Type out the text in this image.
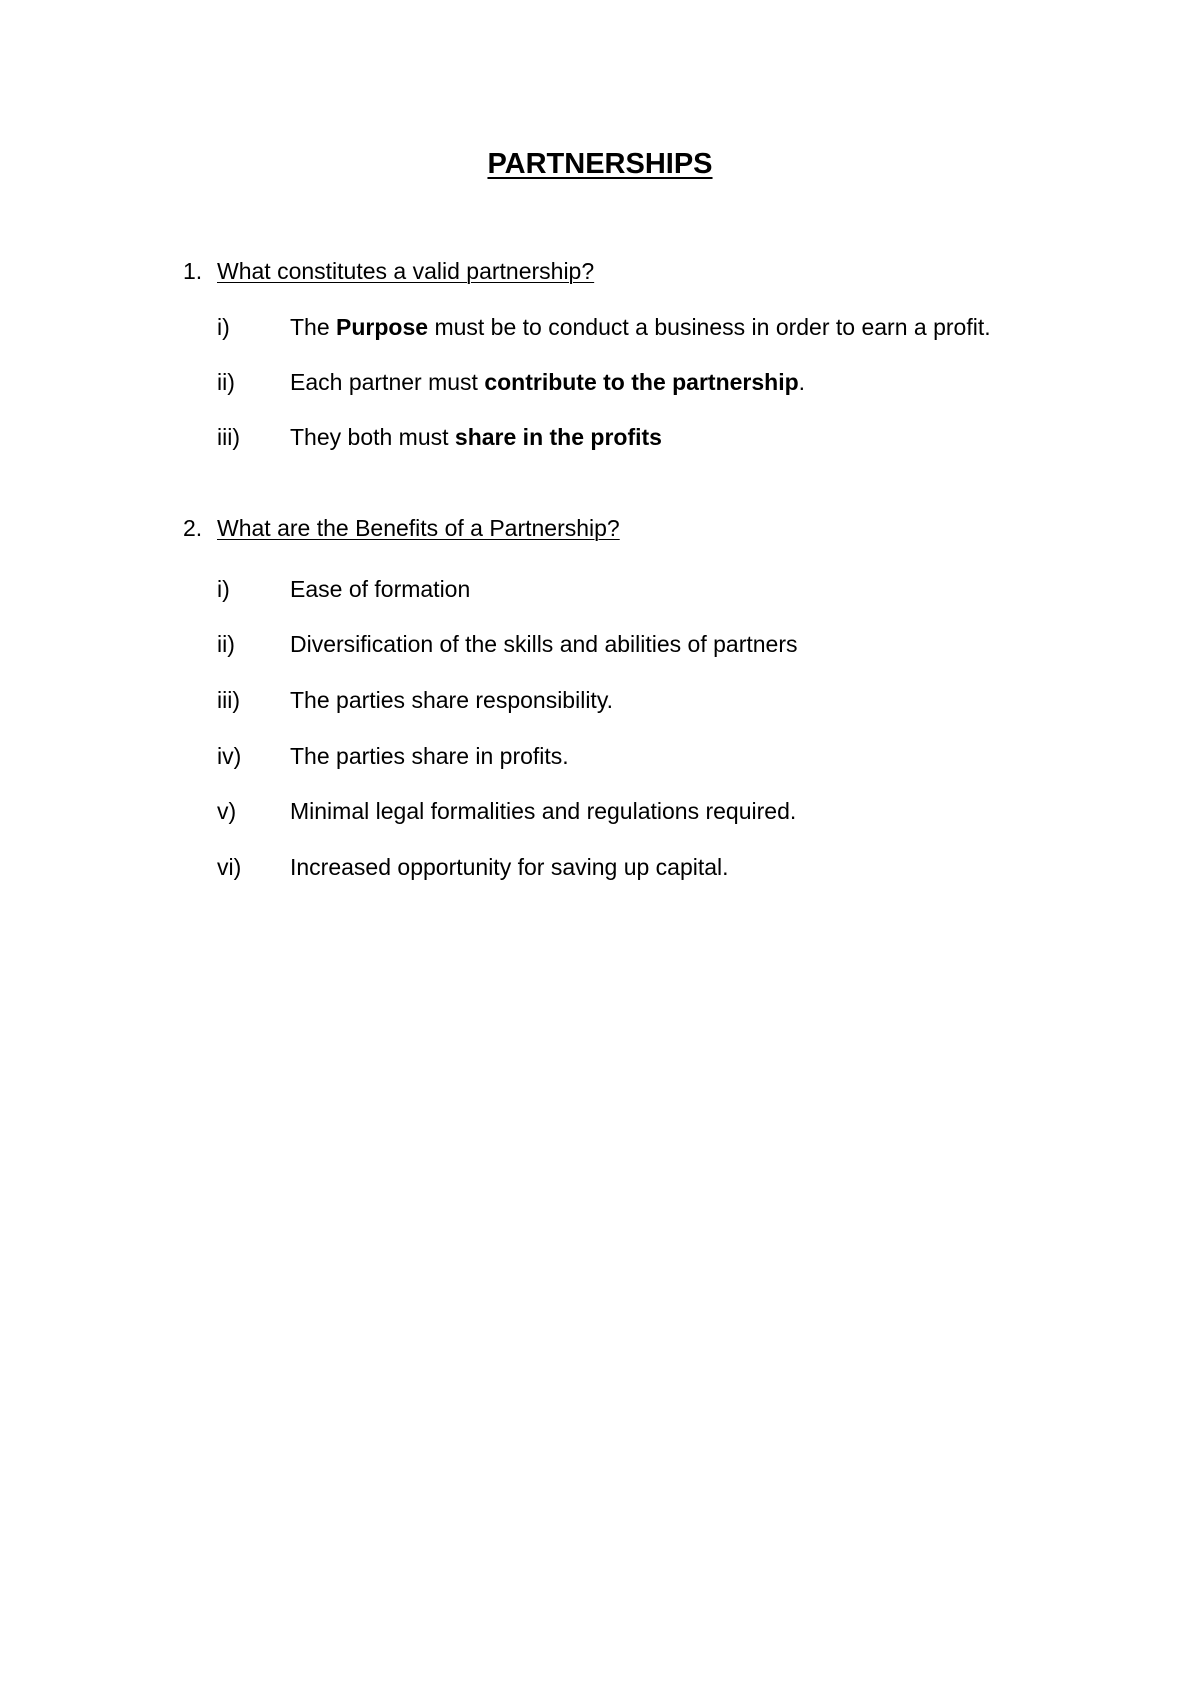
PARTNERSHIPS
1. What constitutes a valid partnership?
i)	The Purpose must be to conduct a business in order to earn a profit.
ii) Each partner must contribute to the partnership.
iii) They both must share in the profits
2. What are the Benefits of a Partnership?
i)	Ease of formation
ii) Diversification of the skills and abilities of partners
iii) The parties share responsibility.
iv) The parties share in profits.
v) Minimal legal formalities and regulations required.
vi) Increased opportunity for saving up capital.
